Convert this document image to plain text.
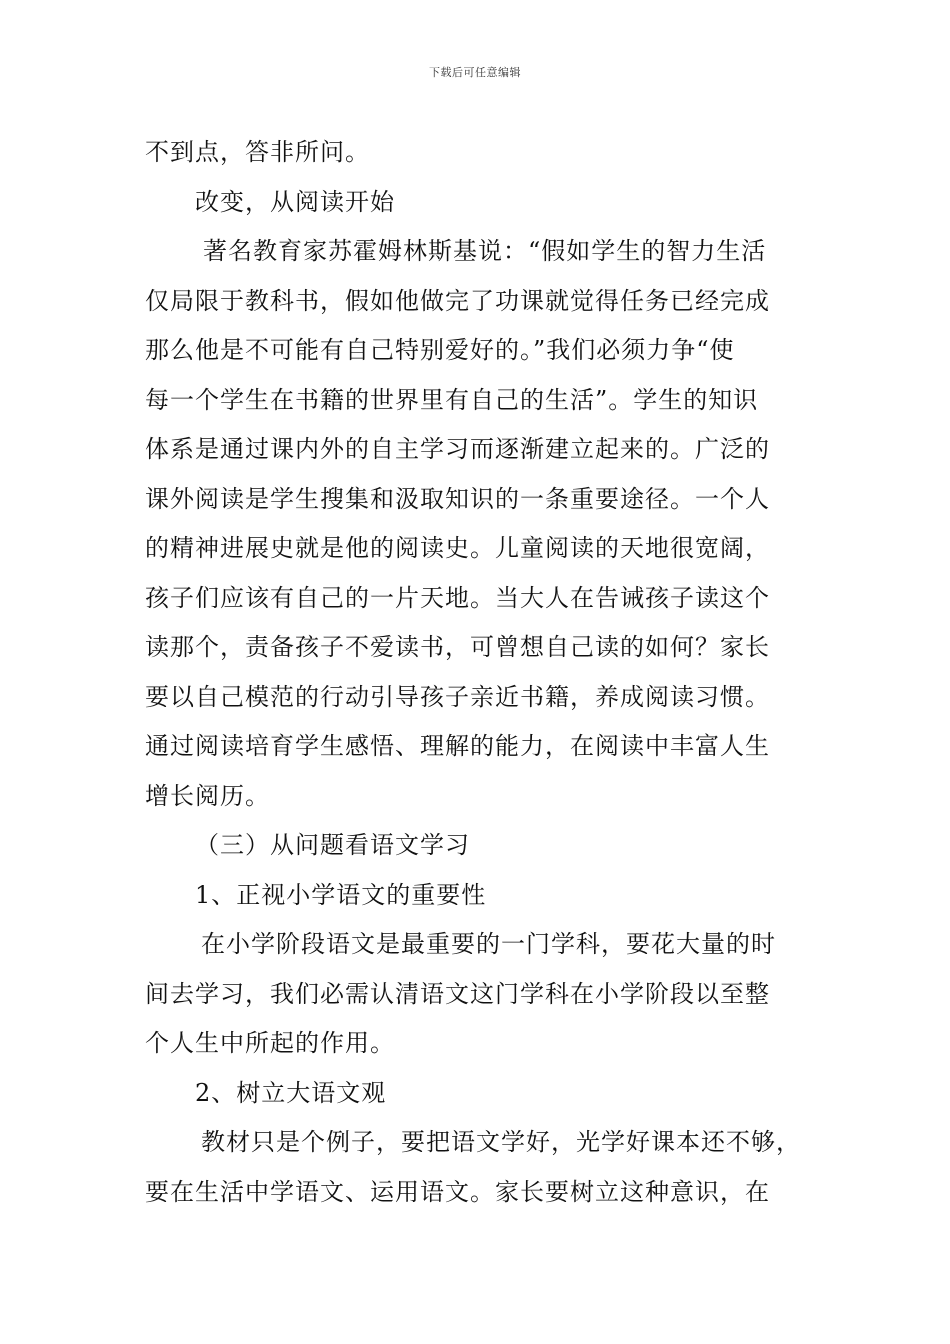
下载后可任意编辑
不到点，答非所问。
改变，从阅读开始
著名教育家苏霍姆林斯基说：“假如学生的智力生活
仅局限于教科书，假如他做完了功课就觉得任务已经完成
那么他是不可能有自己特别爱好的。”我们必须力争“使
每一个学生在书籍的世界里有自己的生活”。学生的知识
体系是通过课内外的自主学习而逐渐建立起来的。广泛的
课外阅读是学生搜集和汲取知识的一条重要途径。一个人
的精神进展史就是他的阅读史。儿童阅读的天地很宽阔，
孩子们应该有自己的一片天地。当大人在告诫孩子读这个
读那个，责备孩子不爱读书，可曾想自己读的如何？家长
要以自己模范的行动引导孩子亲近书籍，养成阅读习惯。
通过阅读培育学生感悟、理解的能力，在阅读中丰富人生
增长阅历。
（三）从问题看语文学习
1、正视小学语文的重要性
在小学阶段语文是最重要的一门学科，要花大量的时
间去学习，我们必需认清语文这门学科在小学阶段以至整
个人生中所起的作用。
2、树立大语文观
教材只是个例子，要把语文学好，光学好课本还不够，
要在生活中学语文、运用语文。家长要树立这种意识，在
